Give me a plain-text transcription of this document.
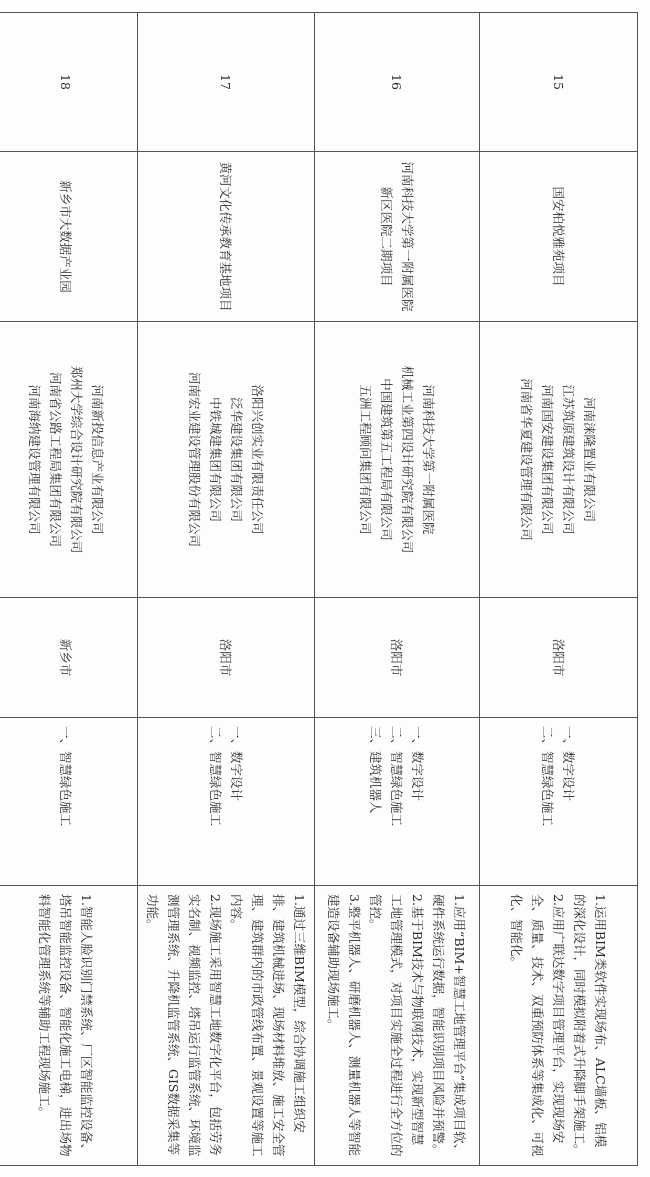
15	国安柏悦雅苑项目	河南涞隆置业有限公司
江苏筑原建筑设计有限公司
河南国安建设集团有限公司
河南省华夏建设管理有限公司	洛阳市	一、数字设计
二、智慧绿色施工	1.运用BIM类软件实现场布、ALC墙板、铝模的深化设计，同时模拟附着式升降脚手架施工。
2.应用广联达数字项目管理平台，实现现场安全、质量、技术、双重预防体系等集成化、可视化、智能化。

16	河南科技大学第一附属医院新区医院二期项目	河南科技大学第一附属医院
机械工业第四设计研究院有限公司
中国建筑第五工程局有限公司
五洲工程顾问集团有限公司	洛阳市	一、数字设计
二、智慧绿色施工
三、建筑机器人	1.应用“BIM+智慧工地管理平台”集成项目软、硬件系统运行数据，智能识别项目风险并预警。
2.基于BIM技术与物联网技术，实现新型智慧工地管理模式，对项目实施全过程进行全方位的管控。
3.整平机器人、研磨机器人、测量机器人等智能建造设备辅助现场施工。

17	黄河文化传承教育基地项目	洛阳兴创实业有限责任公司
泛华建设集团有限公司
中铁城建集团有限公司
河南宏业建设管理股份有限公司	洛阳市	一、数字设计
二、智慧绿色施工	1.通过三维BIM模型，综合协调施工组织安排、建筑机械进场、现场材料堆放、施工安全管理、建筑群内的市政管线布置、景观设置等施工内容。
2.现场施工采用智慧工地数字化平台，包括劳务实名制、视频监控、塔吊运行监管系统、环境监测管理系统、升降机监管系统、GIS数据采集等功能。

18	新乡市大数据产业园	河南新投信息产业有限公司
郑州大学综合设计研究院有限公司
河南省公路工程局集团有限公司
河南海纳建设管理有限公司	新乡市	一、智慧绿色施工	1.智能人脸识别门禁系统、厂区智能监控设备、塔吊智能监控设备、智能化施工电梯，进出场物料智能化管理系统等辅助工程现场施工。
